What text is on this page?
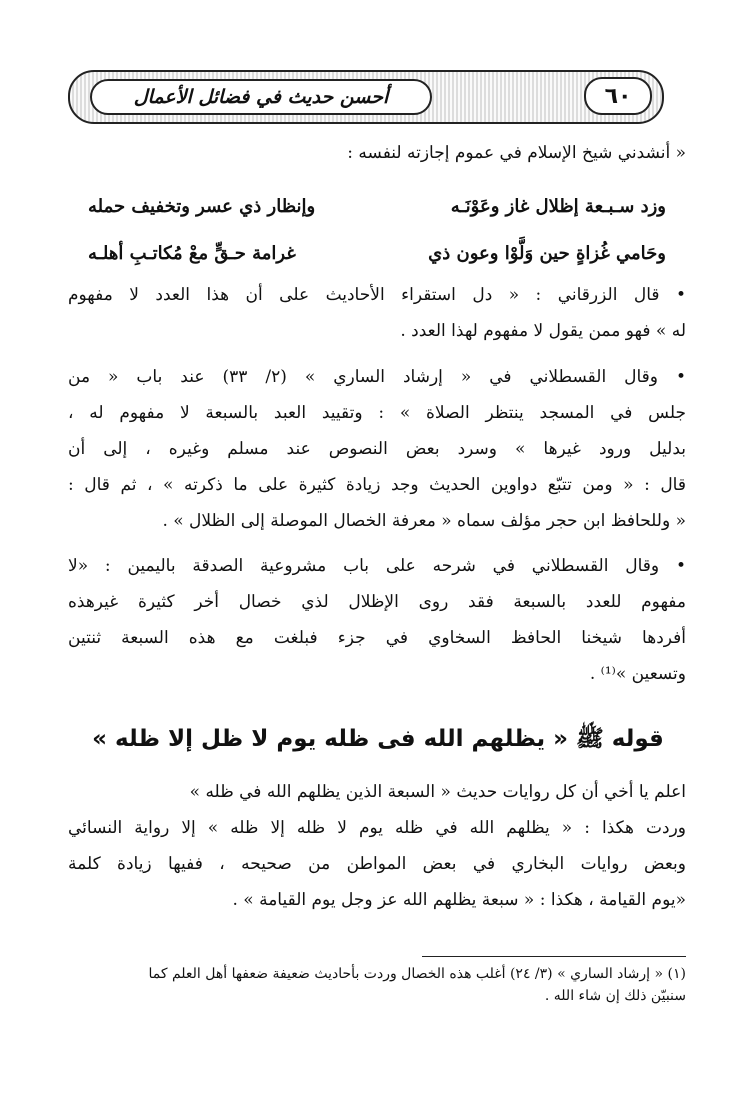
أحسن حديث في فضائل الأعمال	٦٠
« أنشدني شيخ الإسلام في عموم إجازته لنفسه :
وزد سـبـعة إظلال غاز وعَوْنَـه
وإنظار ذي عسر وتخفيف حمله
وحَامي غُزاةٍ حين وَلَّوْا وعون ذي
غرامة حـقٍّ معْ مُكاتـبِ أهلـه
• قال الزرقاني : « دل استقراء الأحاديث على أن هذا العدد لا مفهوم
له » فهو ممن يقول لا مفهوم لهذا العدد .
• وقال القسطلاني في « إرشاد الساري » (٢/ ٣٣) عند باب « من
جلس في المسجد ينتظر الصلاة » : وتقييد العبد بالسبعة لا مفهوم له ،
بدليل ورود غيرها » وسرد بعض النصوص عند مسلم وغيره ، إلى أن
قال : « ومن تتبّع دواوين الحديث وجد زيادة كثيرة على ما ذكرته » ، ثم قال :
« وللحافظ ابن حجر مؤلف سماه « معرفة الخصال الموصلة إلى الظلال » .
• وقال القسطلاني في شرحه على باب مشروعية الصدقة باليمين : «لا
مفهوم للعدد بالسبعة فقد روى الإظلال لذي خصال أخر كثيرة غيرهذه
أفردها شيخنا الحافظ السخاوي في جزء فبلغت مع هذه السبعة ثنتين
وتسعين »⁽¹⁾ .
قوله ﷺ « يظلهم الله فى ظله يوم لا ظل إلا ظله »
اعلم يا أخي أن كل روايات حديث « السبعة الذين يظلهم الله في ظله »
وردت هكذا : « يظلهم الله في ظله يوم لا ظله إلا ظله » إلا رواية النسائي
وبعض روايات البخاري في بعض المواطن من صحيحه ، ففيها زيادة كلمة
«يوم القيامة ، هكذا : « سبعة يظلهم الله عز وجل يوم القيامة » .
(١) « إرشاد الساري » (٣/ ٢٤) أغلب هذه الخصال وردت بأحاديث ضعيفة ضعفها أهل العلم كما
سنبيّن ذلك إن شاء الله .
